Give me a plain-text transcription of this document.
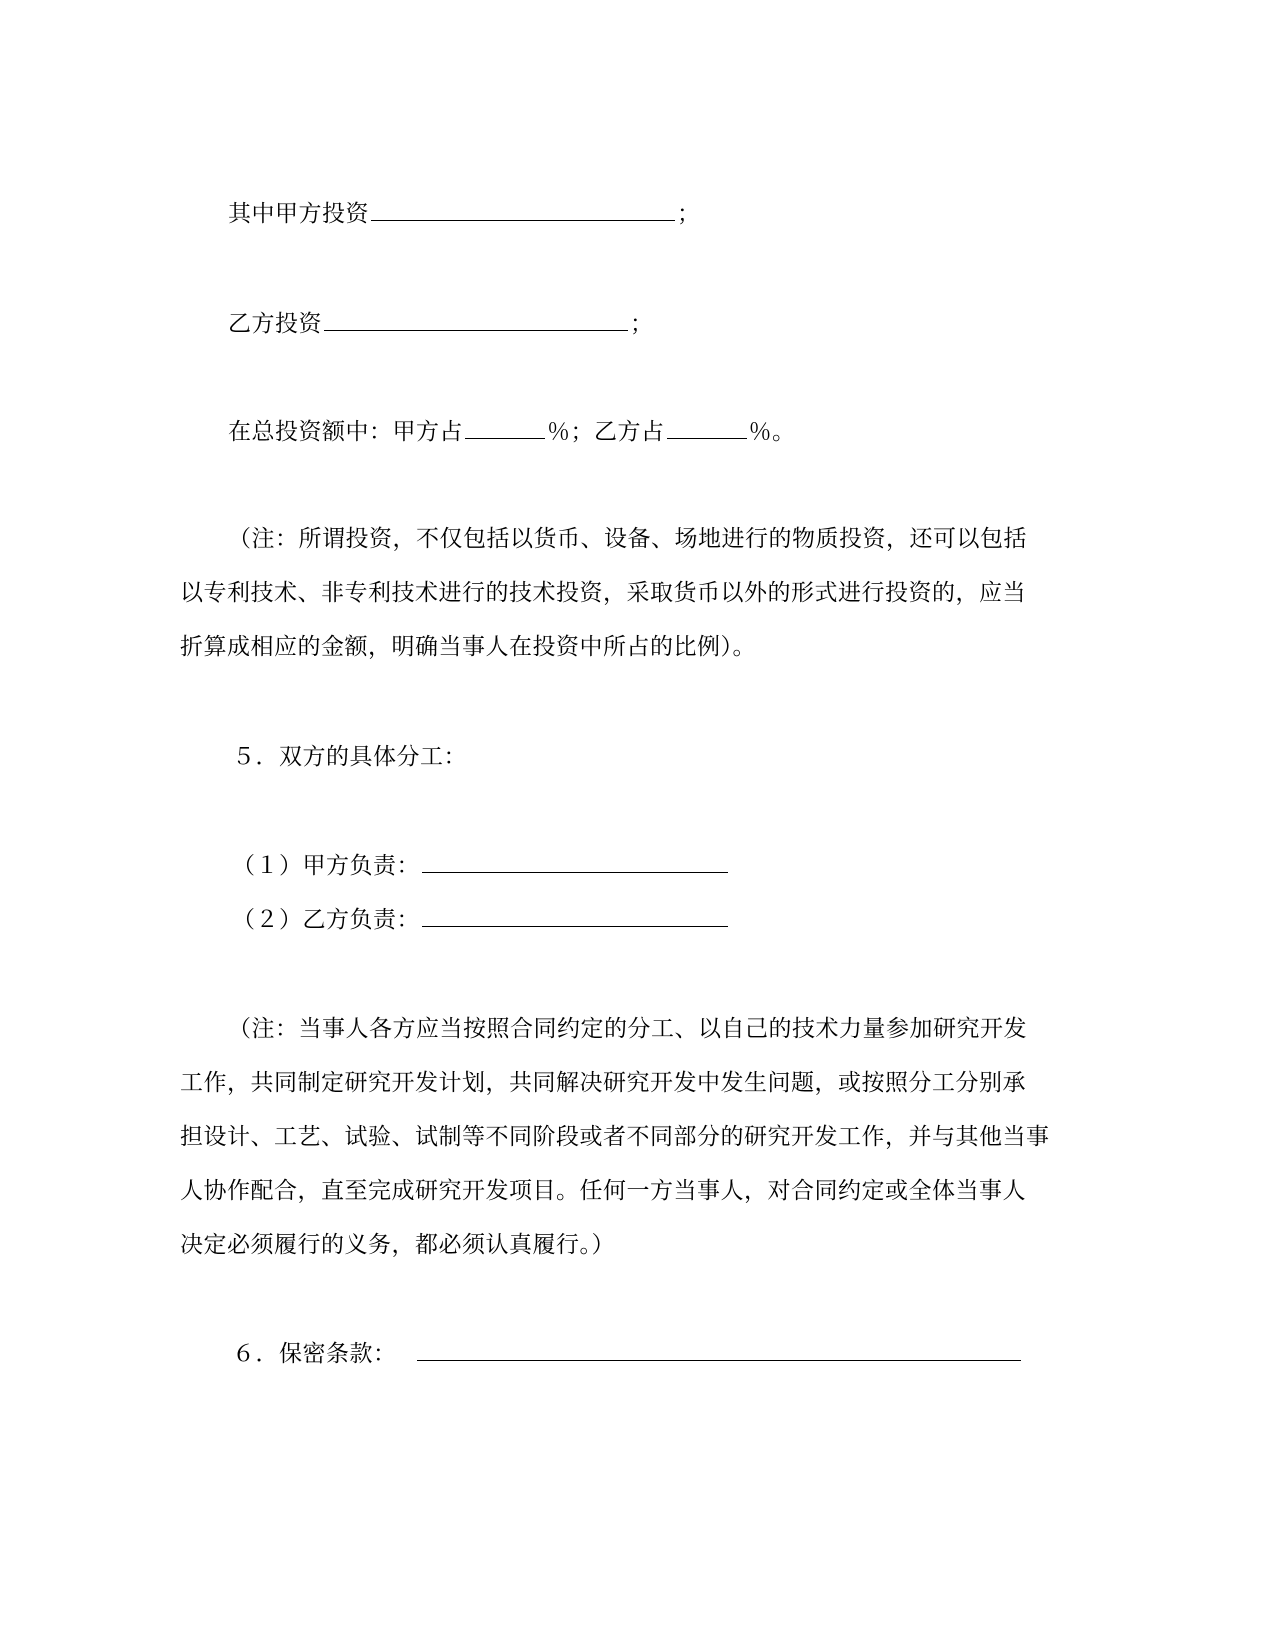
其中甲方投资	；
乙方投资	；
在总投资额中：甲方占	％；乙方占	％。
（注：所谓投资，不仅包括以货币、设备、场地进行的物质投资，还可以包括
以专利技术、非专利技术进行的技术投资，采取货币以外的形式进行投资的，应当
折算成相应的金额，明确当事人在投资中所占的比例）。
５．双方的具体分工：
（１）甲方负责：
（２）乙方负责：
（注：当事人各方应当按照合同约定的分工、以自己的技术力量参加研究开发
工作，共同制定研究开发计划，共同解决研究开发中发生问题，或按照分工分别承
担设计、工艺、试验、试制等不同阶段或者不同部分的研究开发工作，并与其他当事
人协作配合，直至完成研究开发项目。任何一方当事人，对合同约定或全体当事人
决定必须履行的义务，都必须认真履行。）
６．保密条款：
